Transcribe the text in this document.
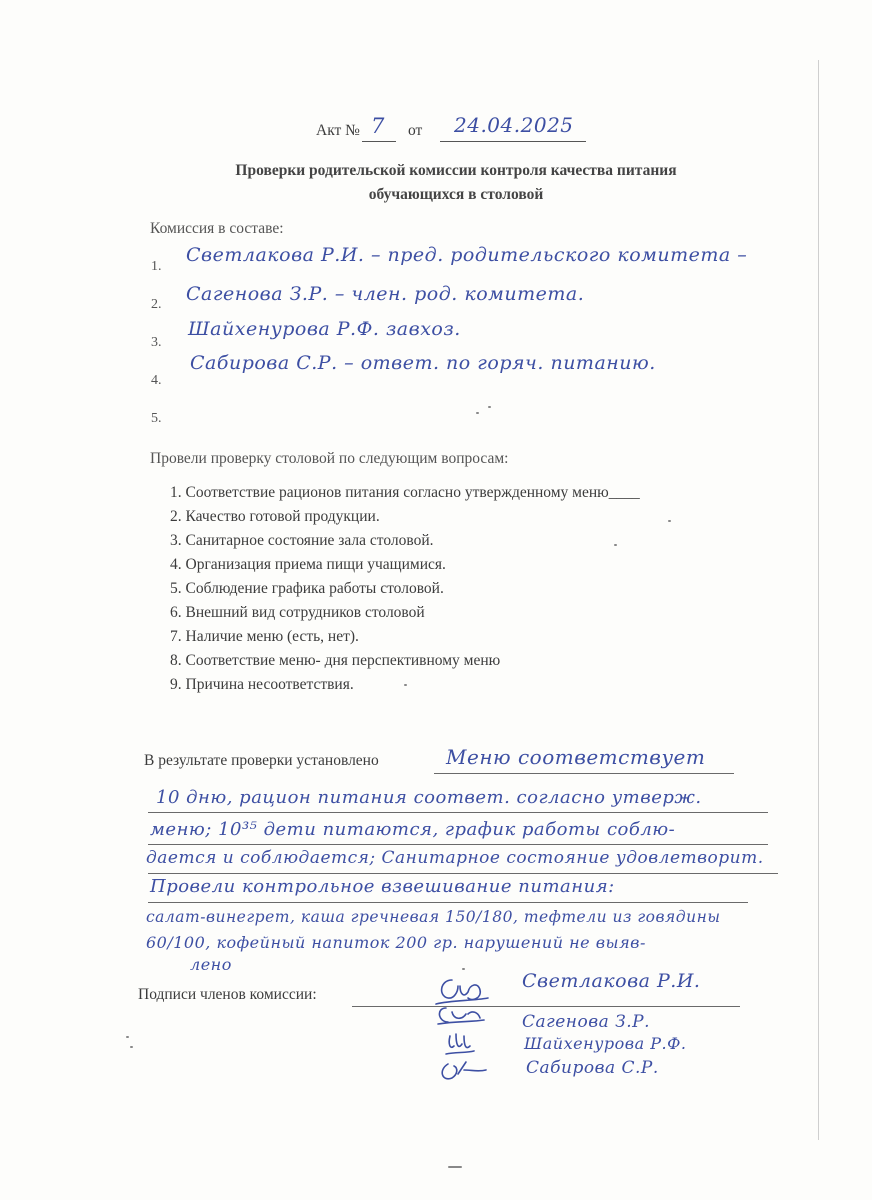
Акт № 7 от 24.04.2025
Проверки родительской комиссии контроля качества питания
обучающихся в столовой
Комиссия в составе:
1.
Светлакова Р.И. – пред. родительского комитета –
2. Сагенова З.Р. – член. род. комитета.
3.
Шайхенурова Р.Ф. завхоз.
4.
Сабирова С.Р. – ответ. по горяч. питанию.
5.
Провели проверку столовой по следующим вопросам:
1. Соответствие рационов питания согласно утвержденному меню____
2. Качество готовой продукции.
3. Санитарное состояние зала столовой.
4. Организация приема пищи учащимися.
5. Соблюдение графика работы столовой.
6. Внешний вид сотрудников столовой
7. Наличие меню (есть, нет).
8. Соответствие меню- дня перспективному меню
9. Причина несоответствия.
В результате проверки установлено	Меню соответствует
10 дню, рацион питания соответ. согласно утверж.
меню; 10³⁵ дети питаются, график работы соблю-
дается и соблюдается; Санитарное состояние удовлетворит.
Провели контрольное взвешивание питания:
салат-винегрет, каша гречневая 150/180, тефтели из говядины
60/100, кофейный напиток 200 гр. нарушений не выяв-
лено
Подписи членов комиссии:
Светлакова Р.И.
Сагенова З.Р.
Шайхенурова Р.Ф.
Сабирова С.Р.
